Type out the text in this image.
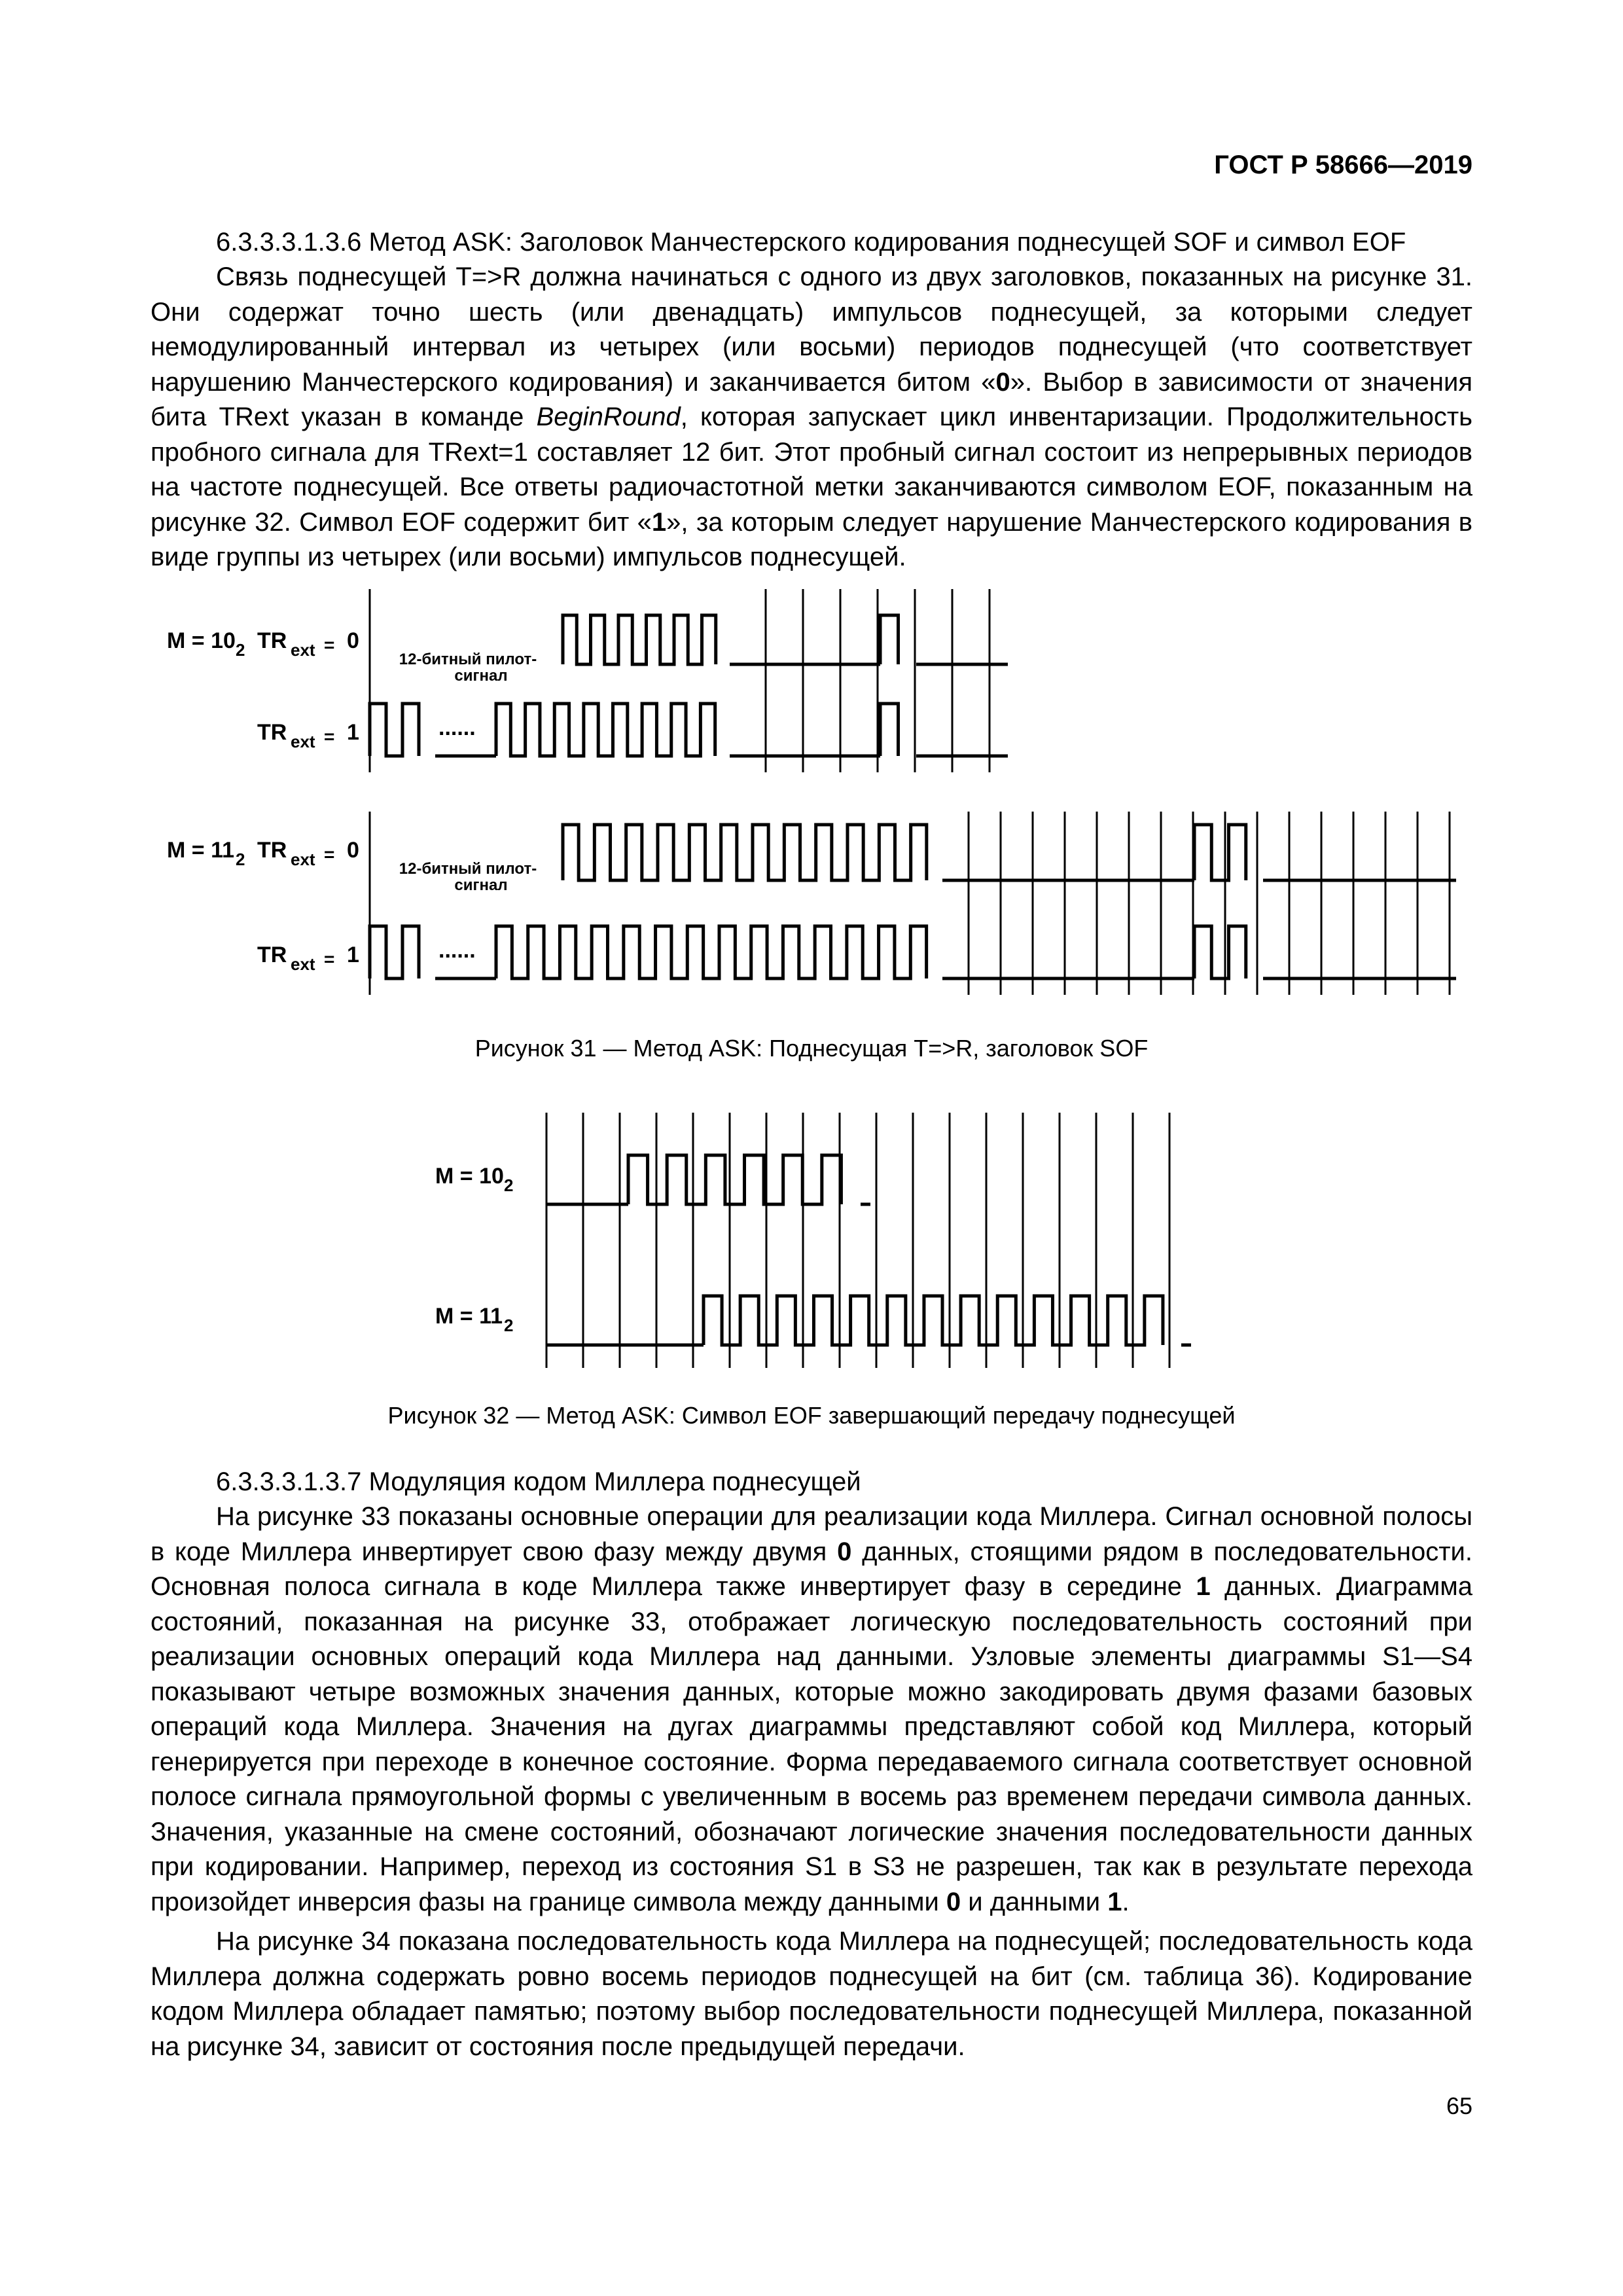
ГОСТ Р 58666—2019

6.3.3.3.1.3.6 Метод ASK: Заголовок Манчестерского кодирования поднесущей SOF и символ EOF

Связь поднесущей T=>R должна начинаться с одного из двух заголовков, показанных на рисунке 31. Они содержат точно шесть (или двенадцать) импульсов поднесущей, за которыми следует немодулированный интервал из четырех (или восьми) периодов поднесущей (что соответствует нарушению Манчестерского кодирования) и заканчивается битом «0». Выбор в зависимости от значения бита TRext указан в команде BeginRound, которая запускает цикл инвентаризации. Продолжительность пробного сигнала для TRext=1 составляет 12 бит. Этот пробный сигнал состоит из непрерывных периодов на частоте поднесущей. Все ответы радиочастотной метки заканчиваются символом EOF, показанным на рисунке 32. Символ EOF содержит бит «1», за которым следует нарушение Манчестерского кодирования в виде группы из четырех (или восьми) импульсов поднесущей.

M = 10 2 TR ext = 0
TR ext = 1
12-битный пилот-
сигнал
......
M = 11 2 TR ext = 0
TR ext = 1
12-битный пилот-
сигнал
......
Рисунок 31 — Метод ASK: Поднесущая T=>R, заголовок SOF
M = 10 2
M = 11 2
Рисунок 32 — Метод ASK: Символ EOF завершающий передачу поднесущей

6.3.3.3.1.3.7 Модуляция кодом Миллера поднесущей

На рисунке 33 показаны основные операции для реализации кода Миллера. Сигнал основной полосы в коде Миллера инвертирует свою фазу между двумя 0 данных, стоящими рядом в последовательности. Основная полоса сигнала в коде Миллера также инвертирует фазу в середине 1 данных. Диаграмма состояний, показанная на рисунке 33, отображает логическую последовательность состояний при реализации основных операций кода Миллера над данными. Узловые элементы диаграммы S1—S4 показывают четыре возможных значения данных, которые можно закодировать двумя фазами базовых операций кода Миллера. Значения на дугах диаграммы представляют собой код Миллера, который генерируется при переходе в конечное состояние. Форма передаваемого сигнала соответствует основной полосе сигнала прямоугольной формы с увеличенным в восемь раз временем передачи символа данных. Значения, указанные на смене состояний, обозначают логические значения последовательности данных при кодировании. Например, переход из состояния S1 в S3 не разрешен, так как в результате перехода произойдет инверсия фазы на границе символа между данными 0 и данными 1.

На рисунке 34 показана последовательность кода Миллера на поднесущей; последовательность кода Миллера должна содержать ровно восемь периодов поднесущей на бит (см. таблица 36). Кодирование кодом Миллера обладает памятью; поэтому выбор последовательности поднесущей Миллера, показанной на рисунке 34, зависит от состояния после предыдущей передачи.

65
